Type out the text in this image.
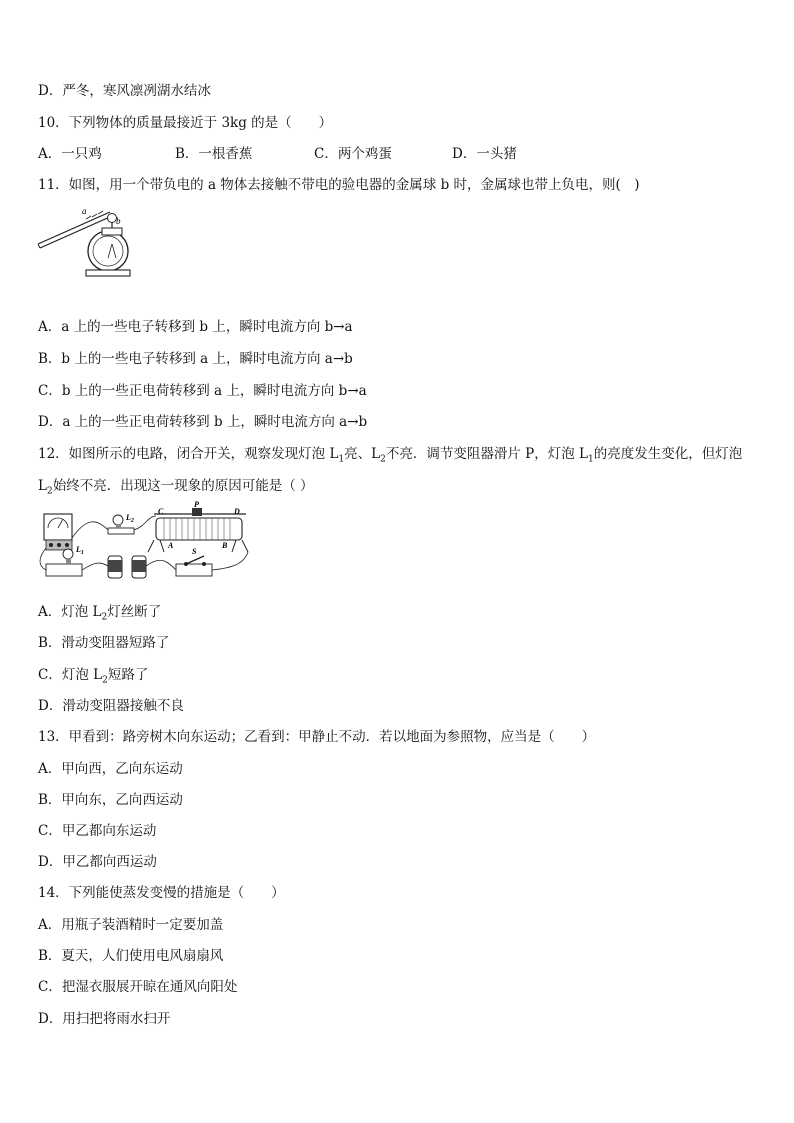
D．严冬，寒风凛冽湖水结冰
10．下列物体的质量最接近于 3kg 的是（　　）
A．一只鸡	B．一根香蕉	C．两个鸡蛋	D．一头猪
11．如图，用一个带负电的 a 物体去接触不带电的验电器的金属球 b 时，金属球也带上负电，则(　)
a
b
A．a 上的一些电子转移到 b 上，瞬时电流方向 b→a
B．b 上的一些电子转移到 a 上，瞬时电流方向 a→b
C．b 上的一些正电荷转移到 a 上，瞬时电流方向 b→a
D．a 上的一些正电荷转移到 b 上，瞬时电流方向 a→b
12．如图所示的电路，闭合开关，观察发现灯泡 $L_1$亮、$L_2$不亮．调节变阻器滑片 P，灯泡 $L_1$的亮度发生变化，但灯泡
$L_2$始终不亮．出现这一现象的原因可能是（ ）
$L_2$
C
P
D
A	B
$L_1$	S
A．灯泡 $L_2$灯丝断了
B．滑动变阻器短路了
C．灯泡 $L_2$短路了
D．滑动变阻器接触不良
13．甲看到：路旁树木向东运动；乙看到：甲静止不动．若以地面为参照物，应当是（　　）
A．甲向西，乙向东运动
B．甲向东，乙向西运动
C．甲乙都向东运动
D．甲乙都向西运动
14．下列能使蒸发变慢的措施是（　　）
A．用瓶子装酒精时一定要加盖
B．夏天，人们使用电风扇扇风
C．把湿衣服展开晾在通风向阳处
D．用扫把将雨水扫开
